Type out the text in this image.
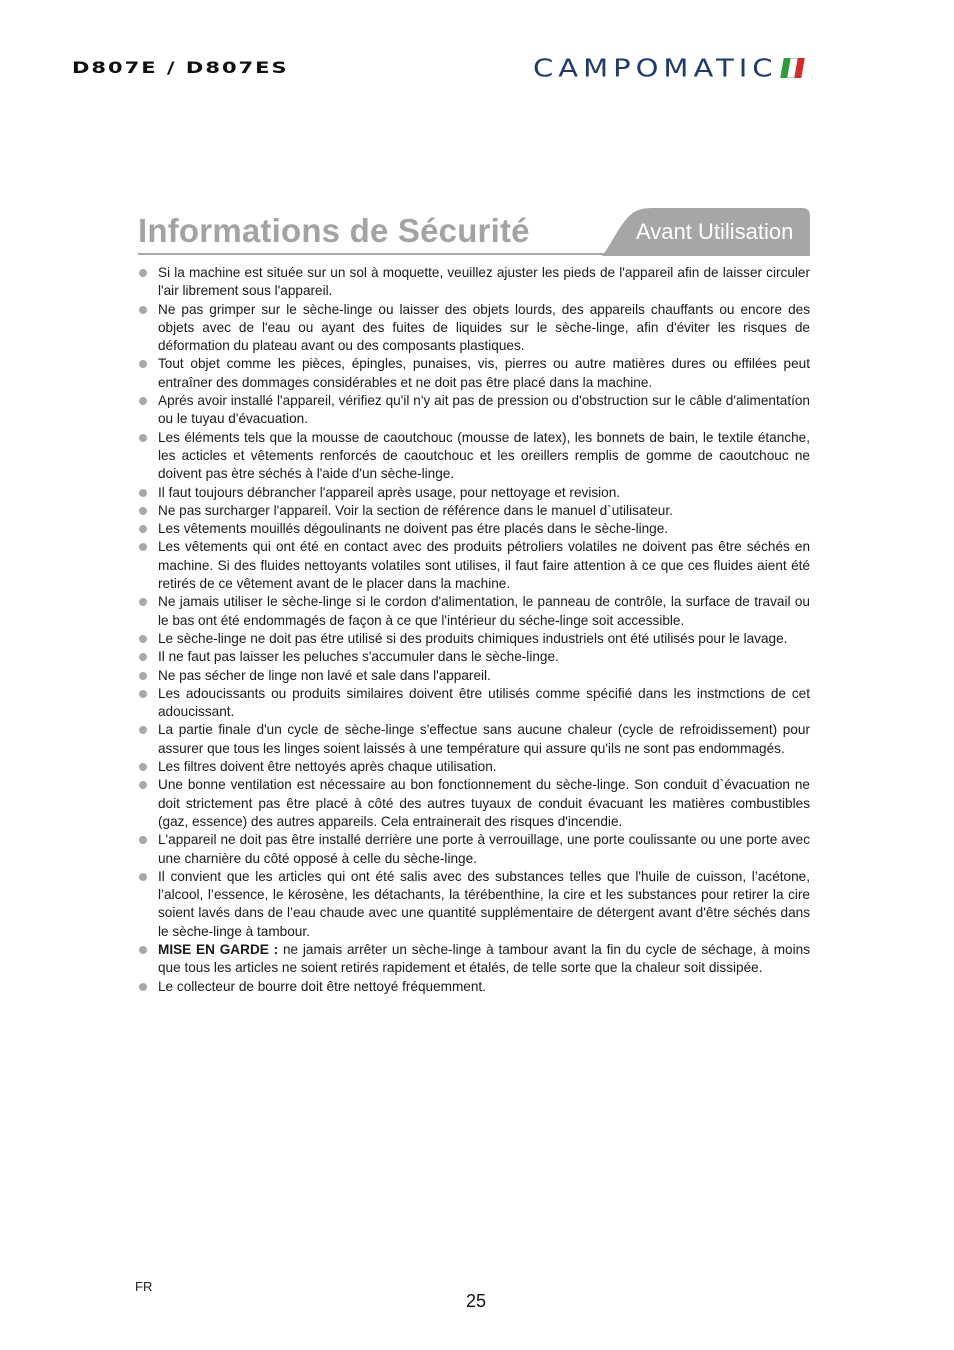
D807E / D807ES	CAMPOMATIC
Informations de Sécurité	Avant Utilisation
Si la machine est située sur un sol à moquette, veuillez ajuster les pieds de l'appareil afin de laisser circuler l'air librement sous l'appareil.
Ne pas grimper sur le sèche-linge ou laisser des objets lourds, des appareils chauffants ou encore des objets avec de l'eau ou ayant des fuites de liquides sur le sèche-linge, afin d'éviter les risques de déformation du plateau avant ou des composants plastiques.
Tout objet comme les pièces, épingles, punaises, vis, pierres ou autre matières dures ou effilées peut entraîner des dommages considérables et ne doit pas être placé dans la machine.
Aprés avoir installé l'appareil, vérifiez qu'il n'y ait pas de pression ou d'obstruction sur le câble d'alimentatíon ou le tuyau d'évacuation.
Les éléments tels que la mousse de caoutchouc (mousse de latex), les bonnets de bain, le textile étanche, les acticles et vêtements renforcés de caoutchouc et les oreillers remplis de gomme de caoutchouc ne doivent pas ètre séchés à l'aide d'un sèche-linge.
Il faut toujours débrancher l'appareil après usage, pour nettoyage et revision.
Ne pas surcharger l'appareil. Voir la section de référence dans le manuel d`utilisateur.
Les vêtements mouillés dégoulinants ne doivent pas étre placés dans le sèche-linge.
Les vêtements qui ont été en contact avec des produits pétroliers volatiles ne doivent pas être séchés en machine. Si des fluides nettoyants volatiles sont utilises, il faut faire attention à ce que ces fluides aient été retirés de ce vêtement avant de le placer dans la machine.
Ne jamais utiliser le sèche-linge si le cordon d'alimentation, le panneau de contrôle, la surface de travail ou le bas ont été endommagés de façon à ce que l'intérieur du séche-linge soit accessible.
Le sèche-linge ne doit pas étre utilisé si des produits chimiques industriels ont été utilisés pour le lavage.
Il ne faut pas laisser les peluches s'accumuler dans le sèche-linge.
Ne pas sécher de linge non lavé et sale dans l'appareil.
Les adoucissants ou produits similaires doivent être utilisés comme spécifié dans les instmctions de cet adoucissant.
La partie finale d'un cycle de sèche-linge s'effectue sans aucune chaleur (cycle de refroidissement) pour assurer que tous les linges soient laissés à une température qui assure qu'ils ne sont pas endommagés.
Les filtres doivent être nettoyés après chaque utilisation.
Une bonne ventilation est nécessaire au bon fonctionnement du sèche-linge. Son conduit d`évacuation ne doit strictement pas être placé à côté des autres tuyaux de conduit évacuant les matières combustibles (gaz, essence) des autres appareils. Cela entrainerait des risques d'incendie.
L'appareil ne doit pas être installé derrière une porte à verrouillage, une porte coulissante ou une porte avec une charnière du côté opposé à celle du sèche-linge.
Il convient que les articles qui ont été salis avec des substances telles que l'huile de cuisson, l’acétone, l’alcool, l’essence, le kérosène, les détachants, la térébenthine, la cire et les substances pour retirer la cire soient lavés dans de l’eau chaude avec une quantité supplémentaire de détergent avant d'être séchés dans le sèche-linge à tambour.
MISE EN GARDE : ne jamais arrêter un sèche-linge à tambour avant la fin du cycle de séchage, à moins que tous les articles ne soient retirés rapidement et étalés, de telle sorte que la chaleur soit dissipée.
Le collecteur de bourre doit être nettoyé fréquemment.
FR
25
